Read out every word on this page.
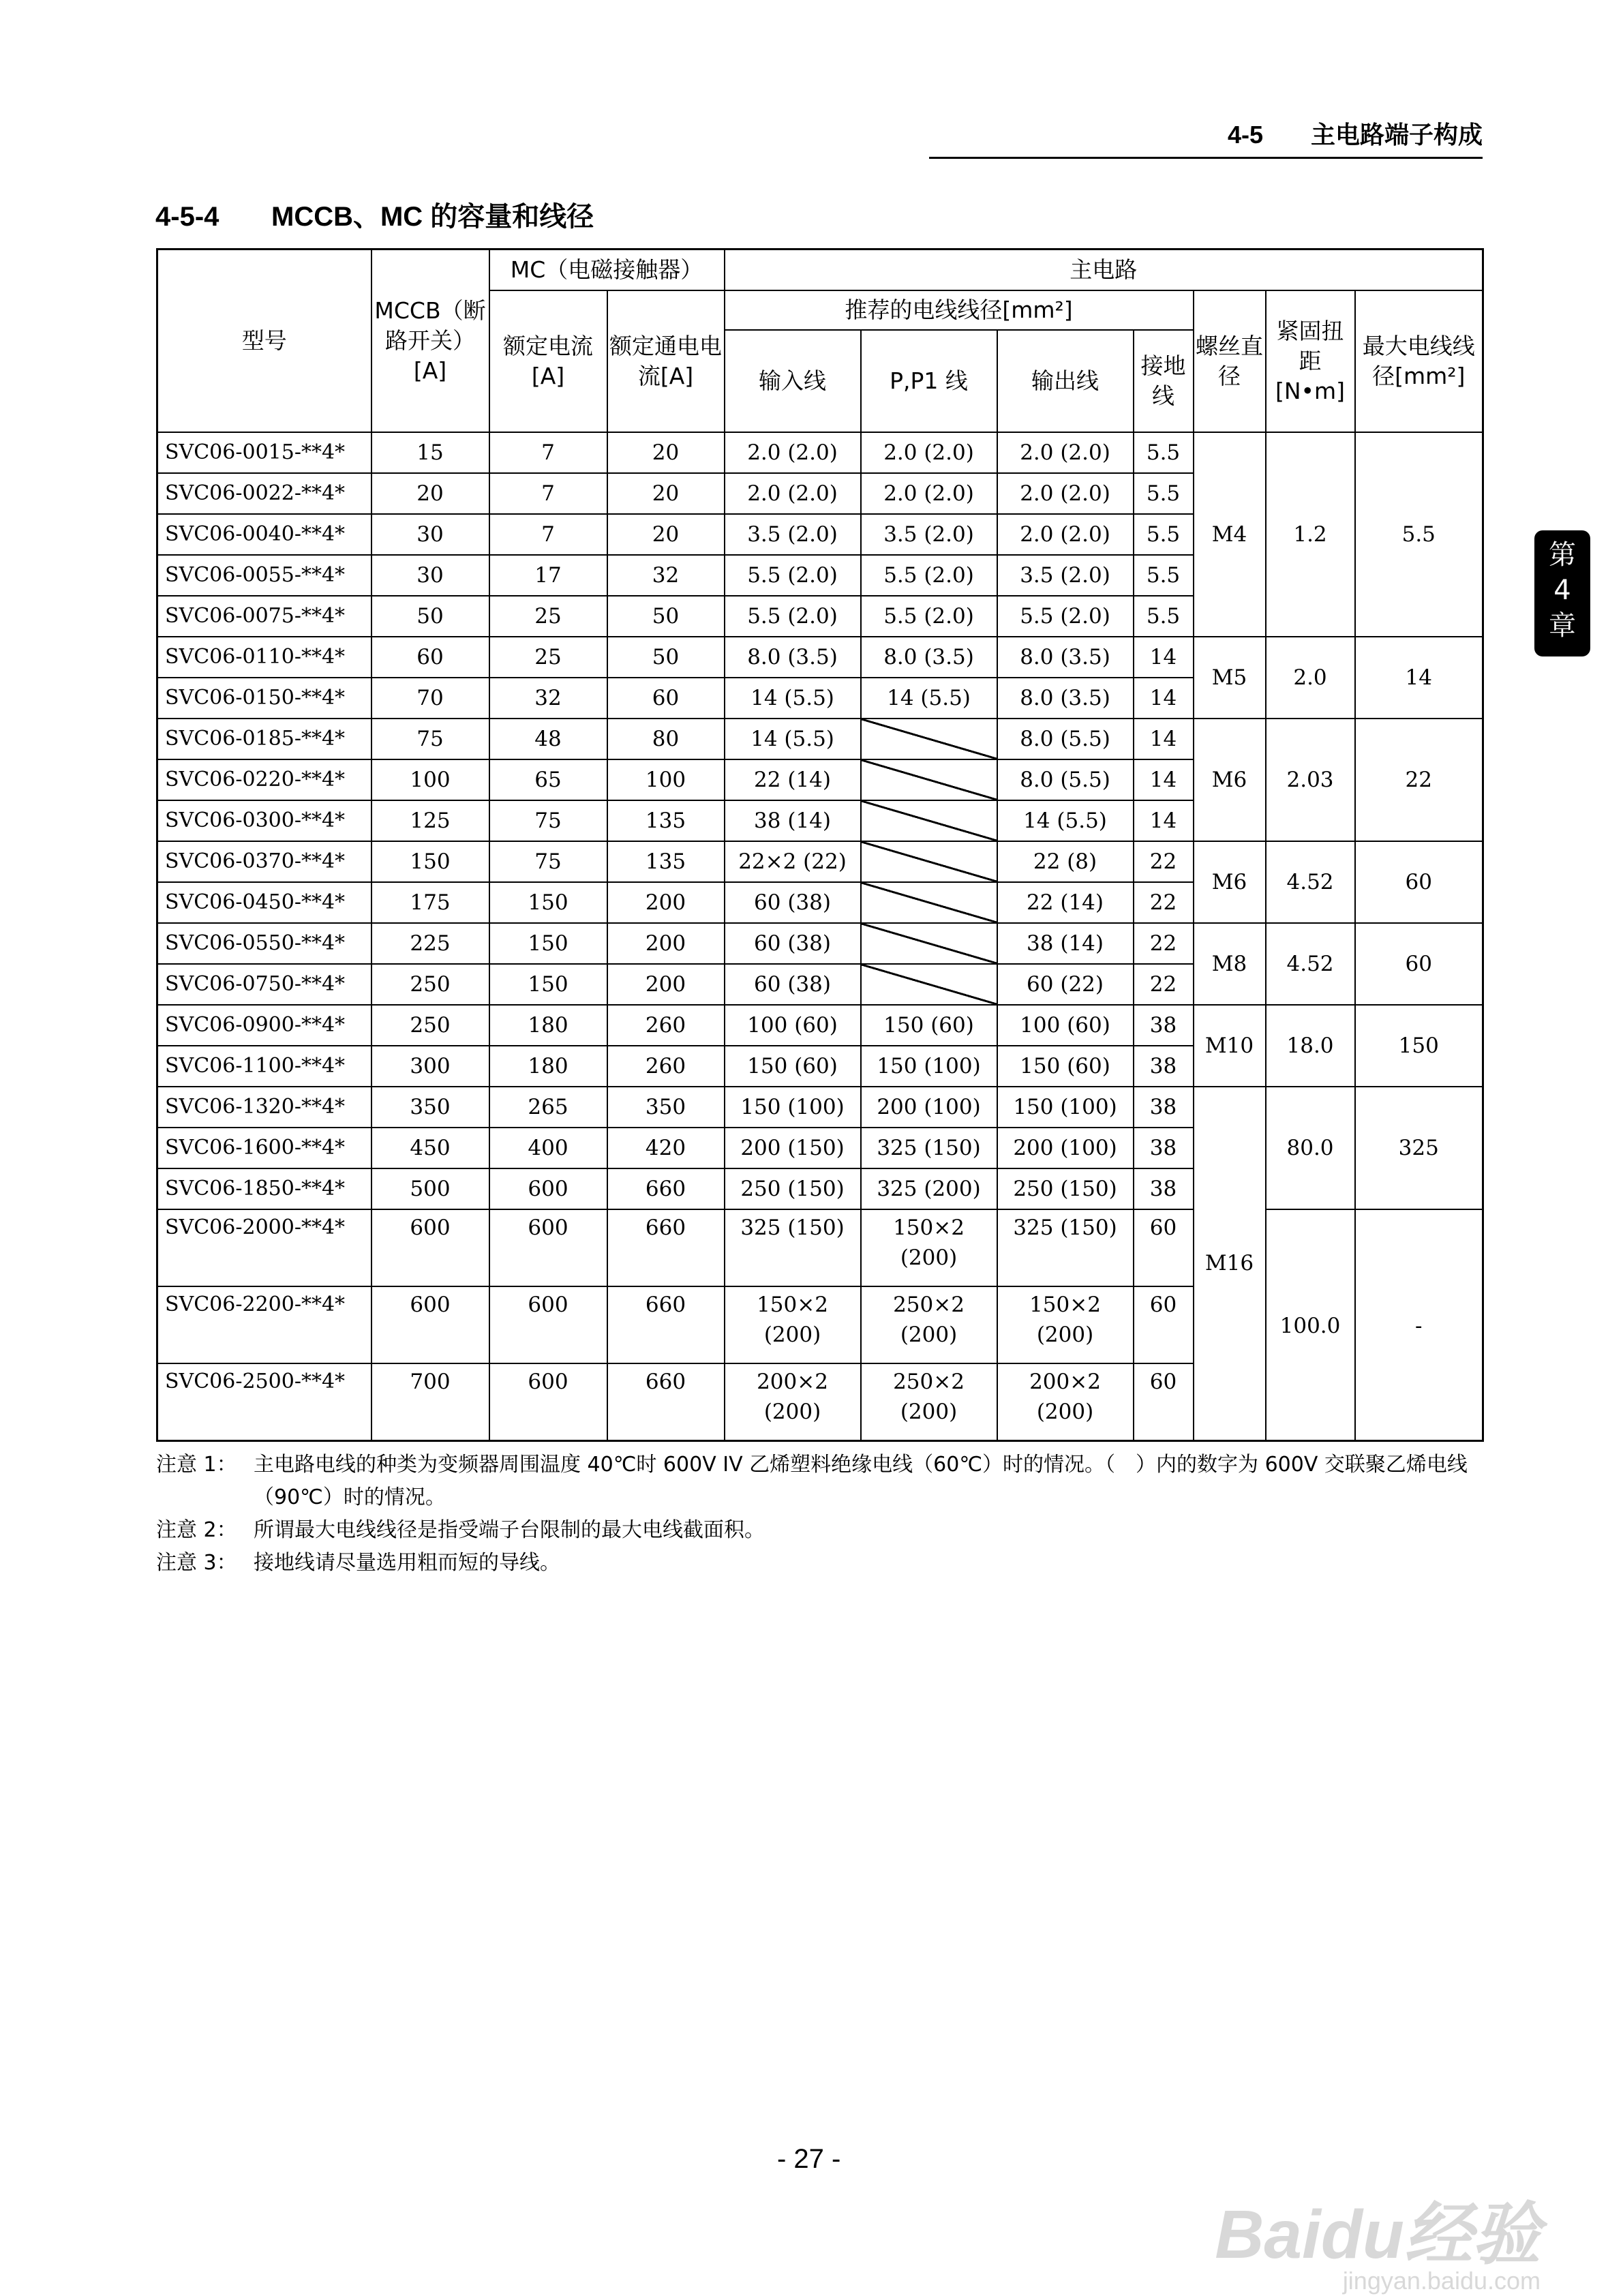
4-5 主电路端子构成
4-5-4 MCCB、MC 的容量和线径
型号	MCCB（断路开关）[A]	MC（电磁接触器）		主电路						
		额定电流[A]	额定通电电流[A]	推荐的电线线径[mm²]				螺丝直径	紧固扭距[N•m]	最大电线线径[mm²]
				输入线	P,P1 线	输出线	接地线			
SVC06-0015-**4*	15	7	20	2.0 (2.0)	2.0 (2.0)	2.0 (2.0)	5.5	M4	1.2	5.5
SVC06-0022-**4*	20	7	20	2.0 (2.0)	2.0 (2.0)	2.0 (2.0)	5.5			
SVC06-0040-**4*	30	7	20	3.5 (2.0)	3.5 (2.0)	2.0 (2.0)	5.5			
SVC06-0055-**4*	30	17	32	5.5 (2.0)	5.5 (2.0)	3.5 (2.0)	5.5			
SVC06-0075-**4*	50	25	50	5.5 (2.0)	5.5 (2.0)	5.5 (2.0)	5.5			
SVC06-0110-**4*	60	25	50	8.0 (3.5)	8.0 (3.5)	8.0 (3.5)	14	M5	2.0	14
SVC06-0150-**4*	70	32	60	14 (5.5)	14 (5.5)	8.0 (3.5)	14			
SVC06-0185-**4*	75	48	80	14 (5.5)		8.0 (5.5)	14	M6	2.03	22
SVC06-0220-**4*	100	65	100	22 (14)		8.0 (5.5)	14			
SVC06-0300-**4*	125	75	135	38 (14)		14 (5.5)	14			
SVC06-0370-**4*	150	75	135	22×2 (22)		22 (8)	22	M6	4.52	60
SVC06-0450-**4*	175	150	200	60 (38)		22 (14)	22			
SVC06-0550-**4*	225	150	200	60 (38)		38 (14)	22	M8	4.52	60
SVC06-0750-**4*	250	150	200	60 (38)		60 (22)	22			
SVC06-0900-**4*	250	180	260	100 (60)	150 (60)	100 (60)	38	M10	18.0	150
SVC06-1100-**4*	300	180	260	150 (60)	150 (100)	150 (60)	38			
SVC06-1320-**4*	350	265	350	150 (100)	200 (100)	150 (100)	38	M16	80.0	325
SVC06-1600-**4*	450	400	420	200 (150)	325 (150)	200 (100)	38			
SVC06-1850-**4*	500	600	660	250 (150)	325 (200)	250 (150)	38			
SVC06-2000-**4*	600	600	660	325 (150)	150×2 (200)	325 (150)	60		100.0	-
SVC06-2200-**4*	600	600	660	150×2 (200)	250×2 (200)	150×2 (200)	60			
SVC06-2500-**4*	700	600	660	200×2 (200)	250×2 (200)	200×2 (200)	60			
注意 1： 主电路电线的种类为变频器周围温度 40℃时 600V IV 乙烯塑料绝缘电线（60℃）时的情况。（　）内的数字为 600V 交联聚乙烯电线（90℃）时的情况。
注意 2： 所谓最大电线线径是指受端子台限制的最大电线截面积。
注意 3： 接地线请尽量选用粗而短的导线。
第
4
章
- 27 -
Baidu经验
jingyan.baidu.com
